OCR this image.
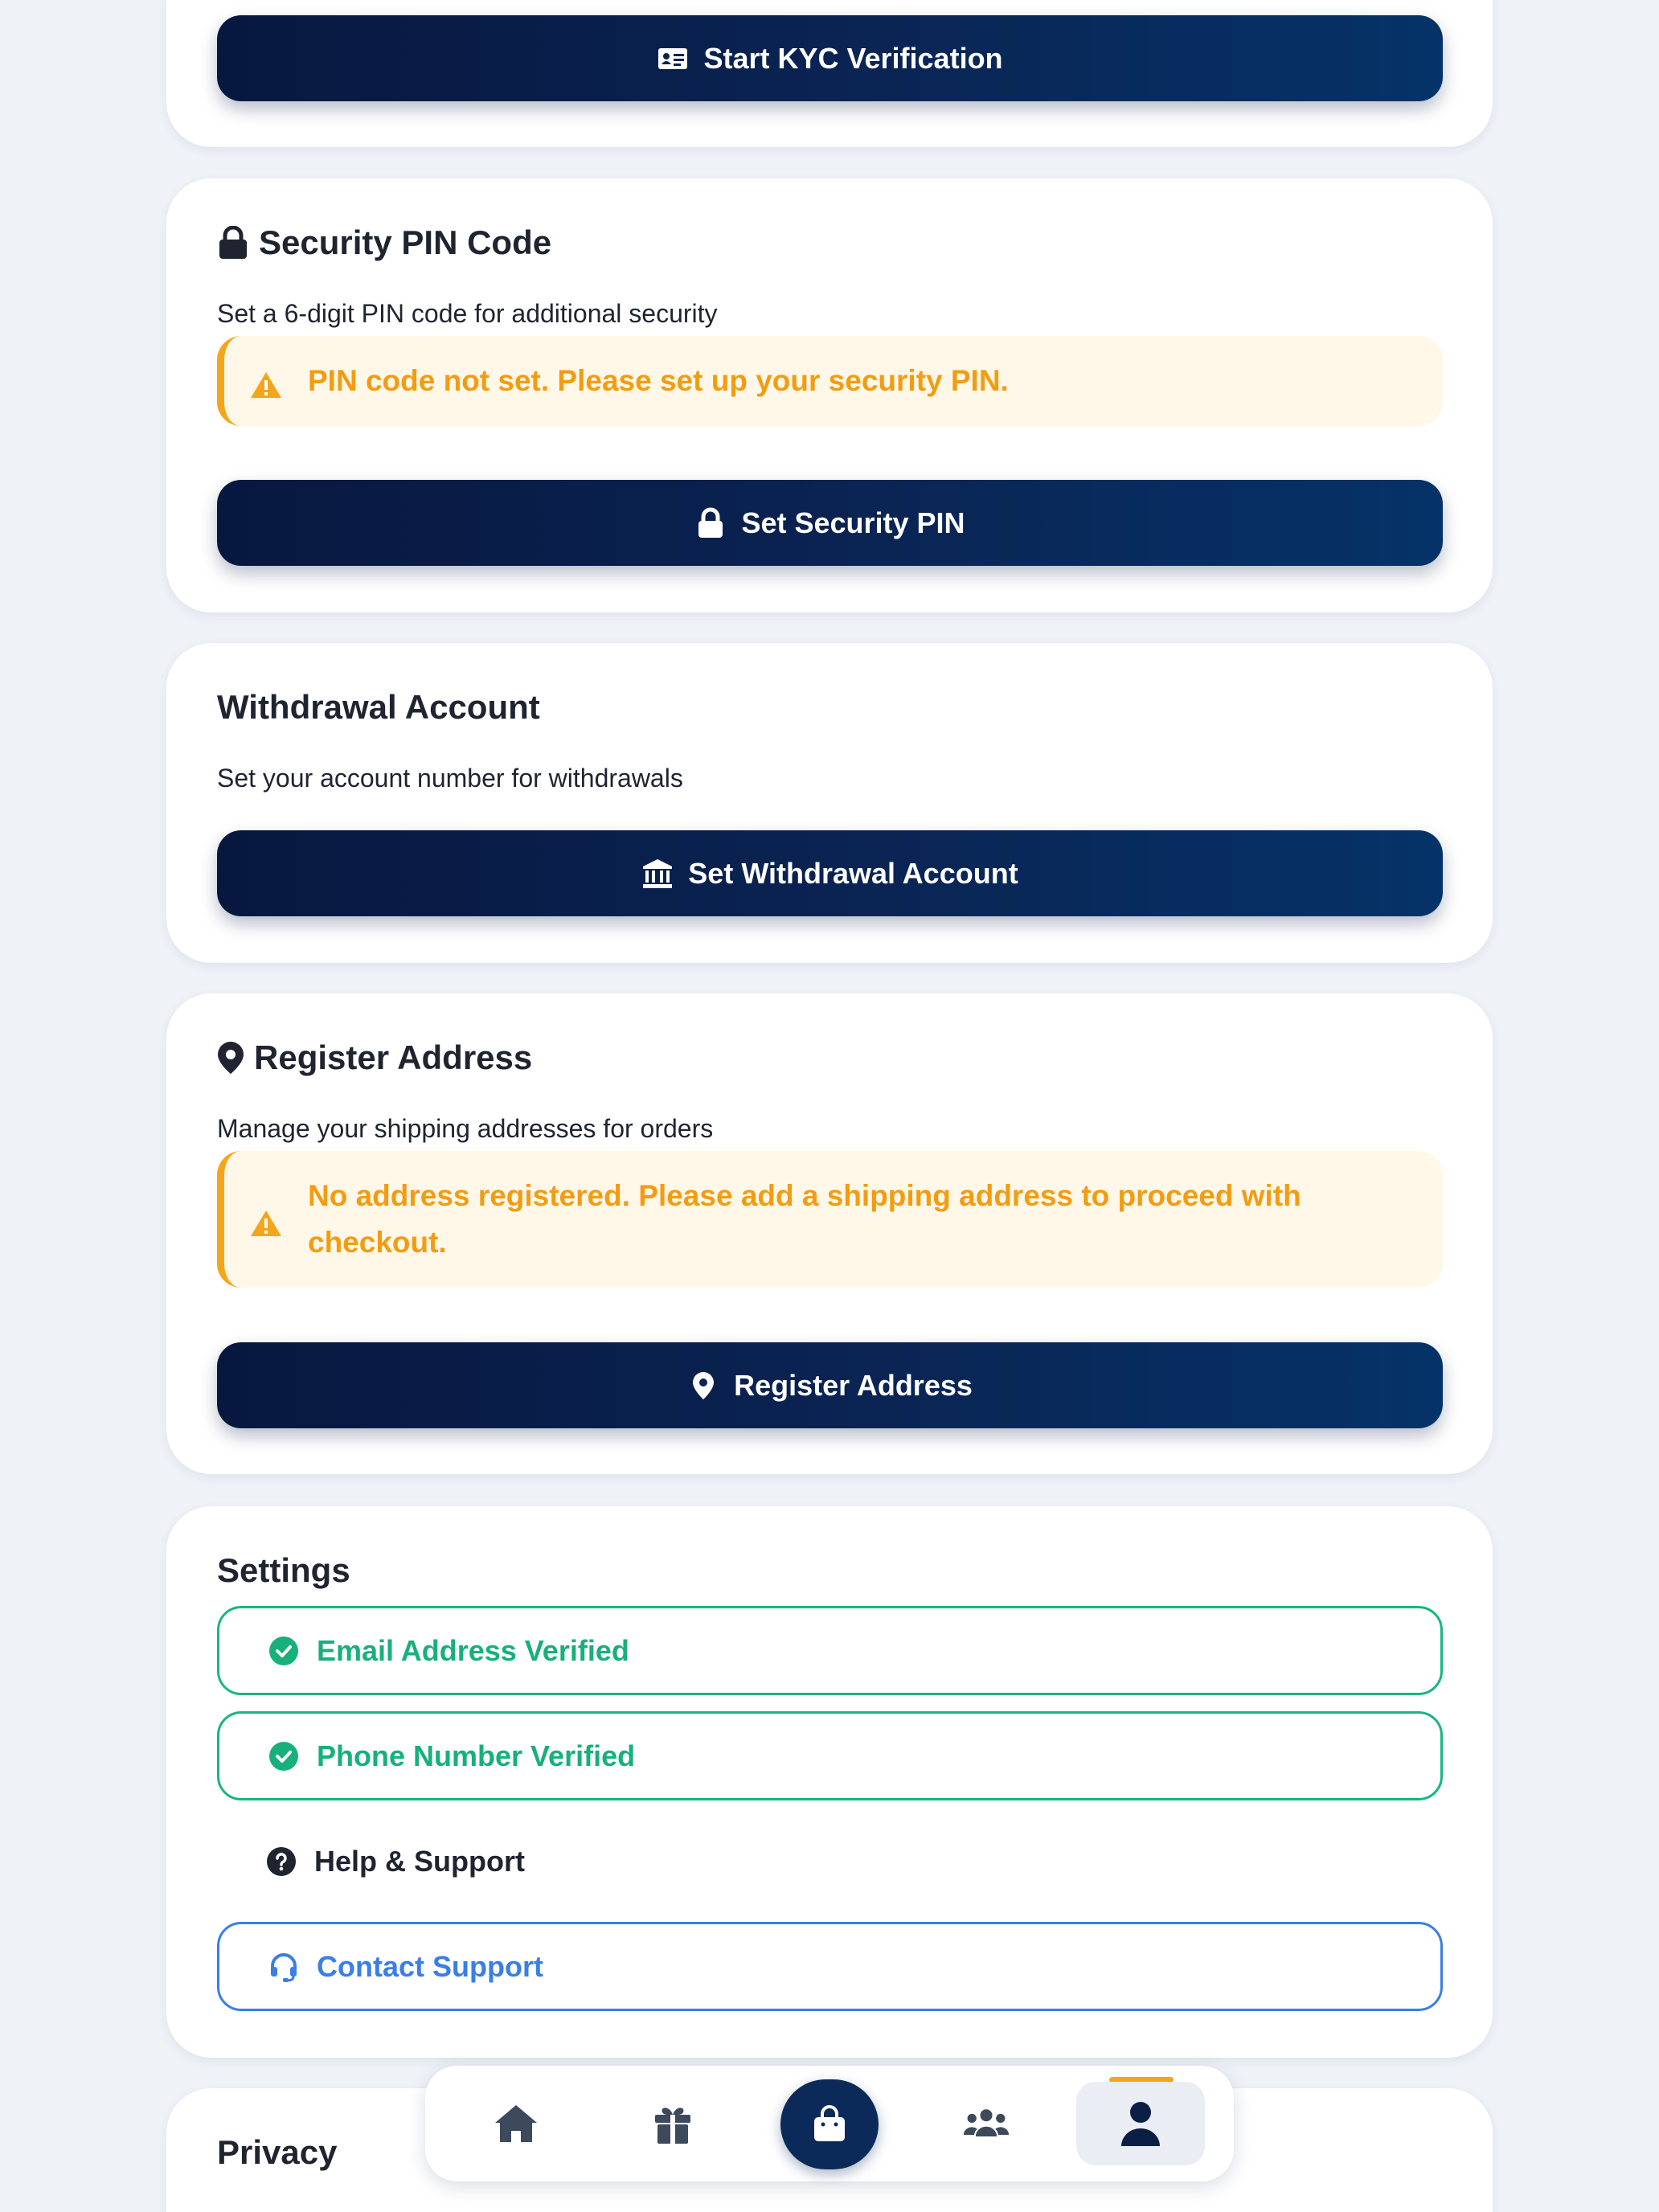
Start KYC Verification
Security PIN Code
Set a 6-digit PIN code for additional security
PIN code not set. Please set up your security PIN.
Set Security PIN
Withdrawal Account
Set your account number for withdrawals
Set Withdrawal Account
Register Address
Manage your shipping addresses for orders
No address registered. Please add a shipping address to proceed with checkout.
Register Address
Settings
Email Address Verified
Phone Number Verified
Help & Support
Contact Support
Privacy
